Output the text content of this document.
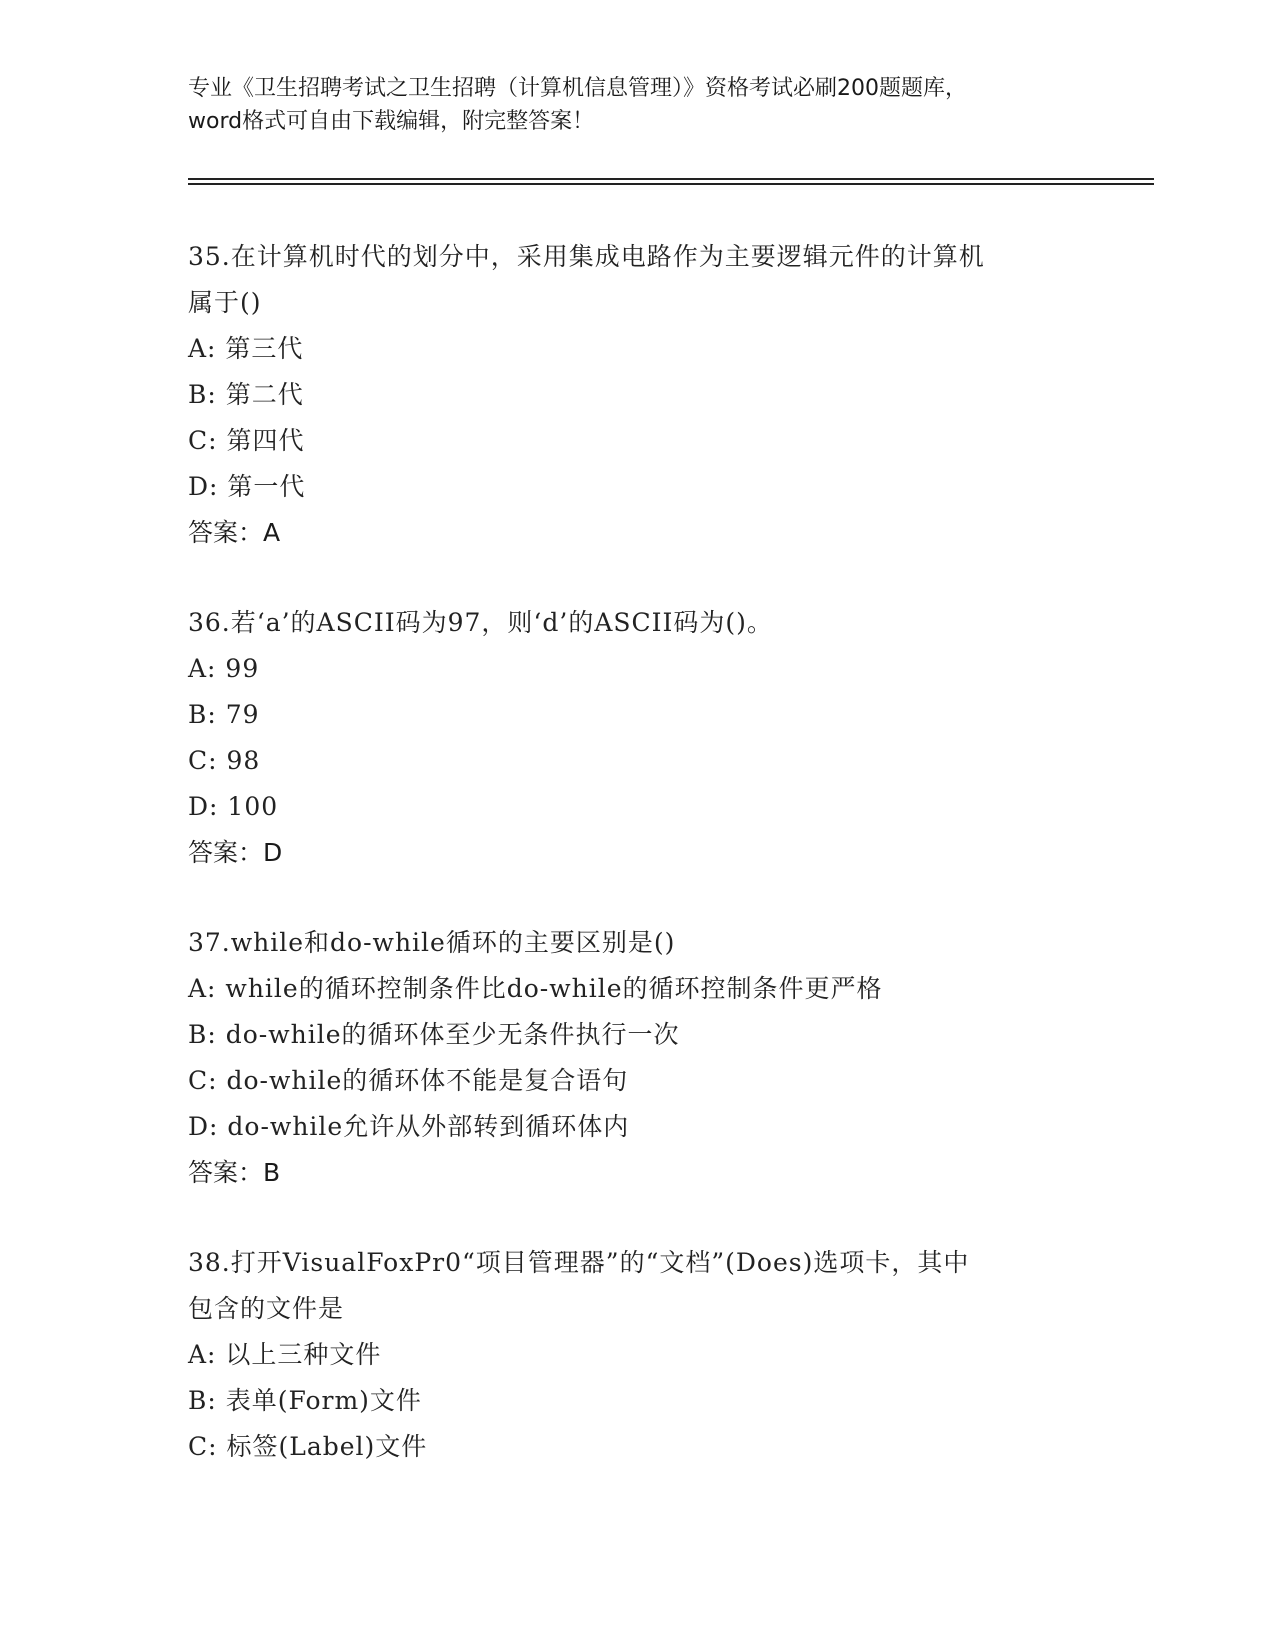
专业《卫生招聘考试之卫生招聘（计算机信息管理）》资格考试必刷200题题库，
word格式可自由下载编辑，附完整答案！
35.在计算机时代的划分中，采用集成电路作为主要逻辑元件的计算机
属于()
A: 第三代
B: 第二代
C: 第四代
D: 第一代
答案：A
36.若‘a’的ASCII码为97，则‘d’的ASCII码为()。
A: 99
B: 79
C: 98
D: 100
答案：D
37.while和do-while循环的主要区别是()
A: while的循环控制条件比do-while的循环控制条件更严格
B: do-while的循环体至少无条件执行一次
C: do-while的循环体不能是复合语句
D: do-while允许从外部转到循环体内
答案：B
38.打开VisualFoxPr0“项目管理器”的“文档”(Does)选项卡，其中
包含的文件是
A: 以上三种文件
B: 表单(Form)文件
C: 标签(Label)文件
